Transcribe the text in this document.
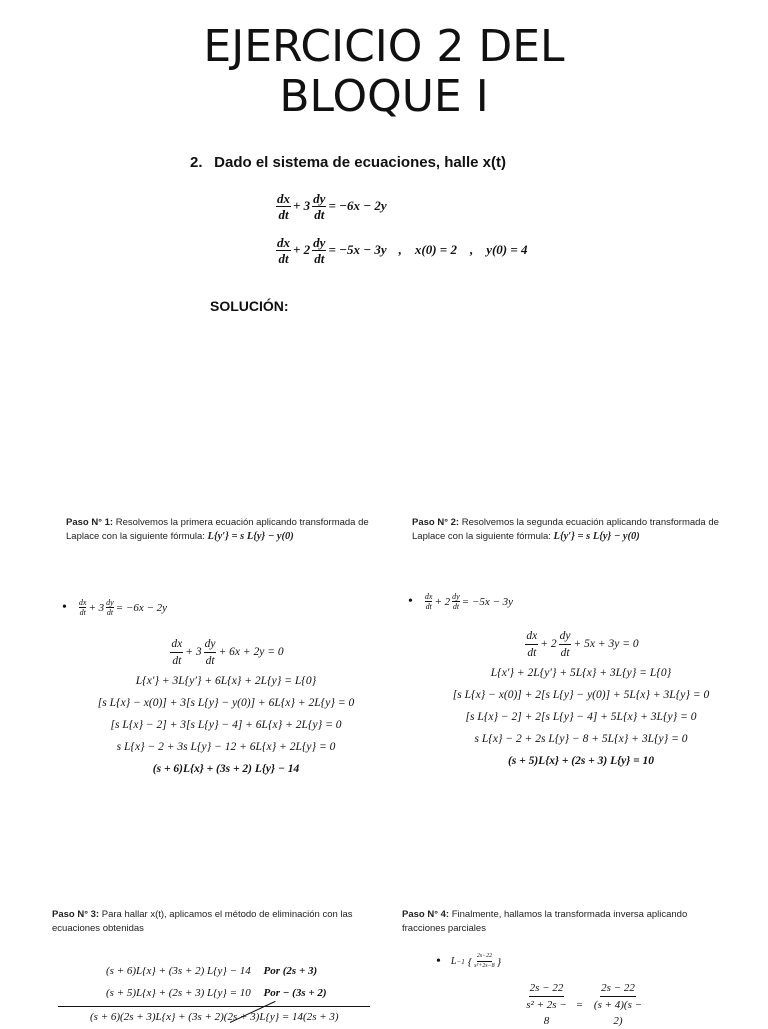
EJERCICIO 2 DEL
BLOQUE I
2. Dado el sistema de ecuaciones, halle x(t)
$\frac{dx}{dt} + 3 \frac{dy}{dt} = -6x - 2y$
$\frac{dx}{dt} + 2 \frac{dy}{dt} = -5x - 3y$ ,    x(0) = 2    ,    y(0) = 4
SOLUCIÓN:
Paso N° 1: Resolvemos la primera ecuación aplicando transformada de Laplace con la siguiente fórmula: L{y′} = s L{y} − y(0)
• dx
dt + $3 \frac{dy}{dt} = -6x - 2y$
dx
dt
+ 3
dy
dt
+ 6x + 2y = 0
L{x′} + 3L{y′} + 6L{x} + 2L{y} = L{0}
[s L{x} − x(0)] + 3[s L{y} − y(0)] + 6L{x} + 2L{y} = 0
[s L{x} − 2] + 3[s L{y} − 4] + 6L{x} + 2L{y} = 0
s L{x} − 2 + 3s L{y} − 12 + 6L{x} + 2L{y} = 0
(s + 6)L{x} + (3s + 2) L{y} − 14
Paso N° 2: Resolvemos la segunda ecuación aplicando transformada de Laplace con la siguiente fórmula: L{y′} = s L{y} − y(0)
• dx
dt + $2 \frac{dy}{dt} = -5x - 3y$
dx
dt
+ 2
dy
dt
+ 5x + 3y = 0
L{x′} + 2L{y′} + 5L{x} + 3L{y} = L{0}
[s L{x} − x(0)] + 2[s L{y} − y(0)] + 5L{x} + 3L{y} = 0
[s L{x} − 2] + 2[s L{y} − 4] + 5L{x} + 3L{y} = 0
s L{x} − 2 + 2s L{y} − 8 + 5L{x} + 3L{y} = 0
(s + 5)L{x} + (2s + 3) L{y} = 10
Paso N° 3: Para hallar x(t), aplicamos el método de eliminación con las ecuaciones obtenidas
(s + 6)L{x} + (3s + 2) L{y} − 14 Por (2s + 3)
(s + 5)L{x} + (2s + 3) L{y} = 10 Por − (3s + 2)
(s + 6)(2s + 3)L{x} + (3s + 2)(2s + 3)L{y} = 14(2s + 3)
Paso N° 4: Finalmente, hallamos la transformada inversa aplicando fracciones parciales
• L −1 { $\frac{2s-22}{\text{s²+2s−8}}$ }
$\frac{2s - 22}{\text{s² + 2s − 8}} = \frac{2s - 22}{(s + 4)(s - 2)}$
